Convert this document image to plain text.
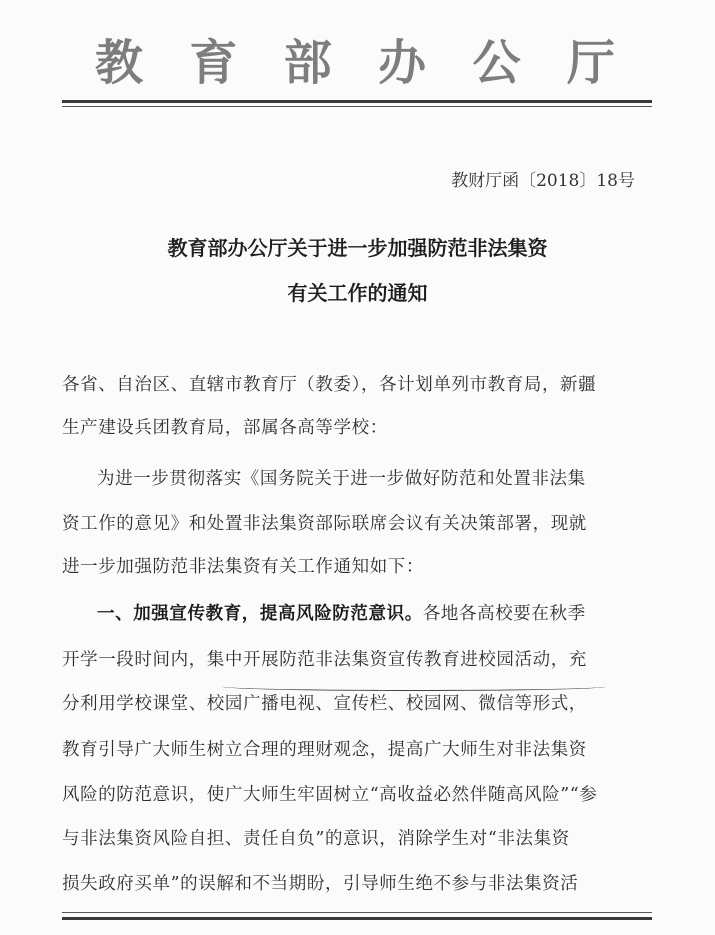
教 育 部 办 公 厅
教财厅函〔2018〕18号
教育部办公厅关于进一步加强防范非法集资
有关工作的通知
各省、自治区、直辖市教育厅（教委），各计划单列市教育局，新疆
生产建设兵团教育局，部属各高等学校：
为进一步贯彻落实《国务院关于进一步做好防范和处置非法集
资工作的意见》和处置非法集资部际联席会议有关决策部署，现就
进一步加强防范非法集资有关工作通知如下：
一、加强宣传教育，提高风险防范意识。各地各高校要在秋季
开学一段时间内，集中开展防范非法集资宣传教育进校园活动，充
分利用学校课堂、校园广播电视、宣传栏、校园网、微信等形式，
教育引导广大师生树立合理的理财观念，提高广大师生对非法集资
风险的防范意识，使广大师生牢固树立“高收益必然伴随高风险”“参
与非法集资风险自担、责任自负”的意识，消除学生对“非法集资
损失政府买单”的误解和不当期盼，引导师生绝不参与非法集资活
